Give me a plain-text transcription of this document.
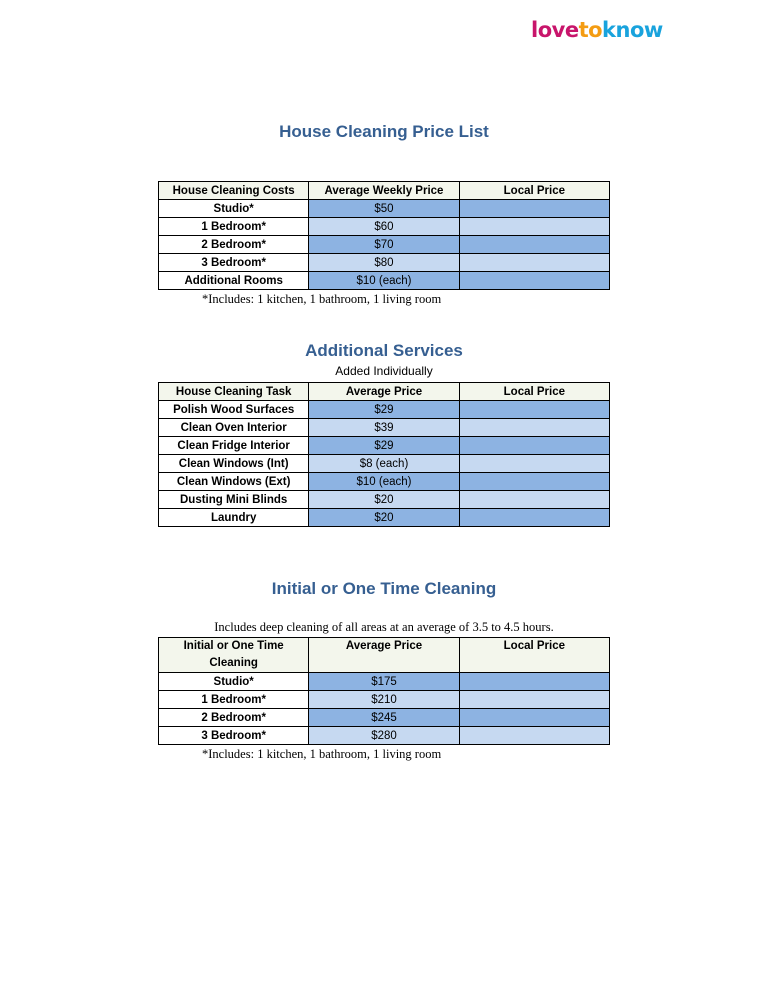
lovetoknow
House Cleaning Price List
House Cleaning Costs	Average Weekly Price	Local Price
Studio*	$50	
1 Bedroom*	$60	
2 Bedroom*	$70	
3 Bedroom*	$80	
Additional Rooms	$10 (each)	
*Includes: 1 kitchen, 1 bathroom, 1 living room
Additional Services
Added Individually
House Cleaning Task	Average Price	Local Price
Polish Wood Surfaces	$29	
Clean Oven Interior	$39	
Clean Fridge Interior	$29	
Clean Windows (Int)	$8 (each)	
Clean Windows (Ext)	$10 (each)	
Dusting Mini Blinds	$20	
Laundry	$20	
Initial or One Time Cleaning
Includes deep cleaning of all areas at an average of 3.5 to 4.5 hours.
Initial or One Time Cleaning	Average Price	Local Price
Studio*	$175	
1 Bedroom*	$210	
2 Bedroom*	$245	
3 Bedroom*	$280	
*Includes: 1 kitchen, 1 bathroom, 1 living room
